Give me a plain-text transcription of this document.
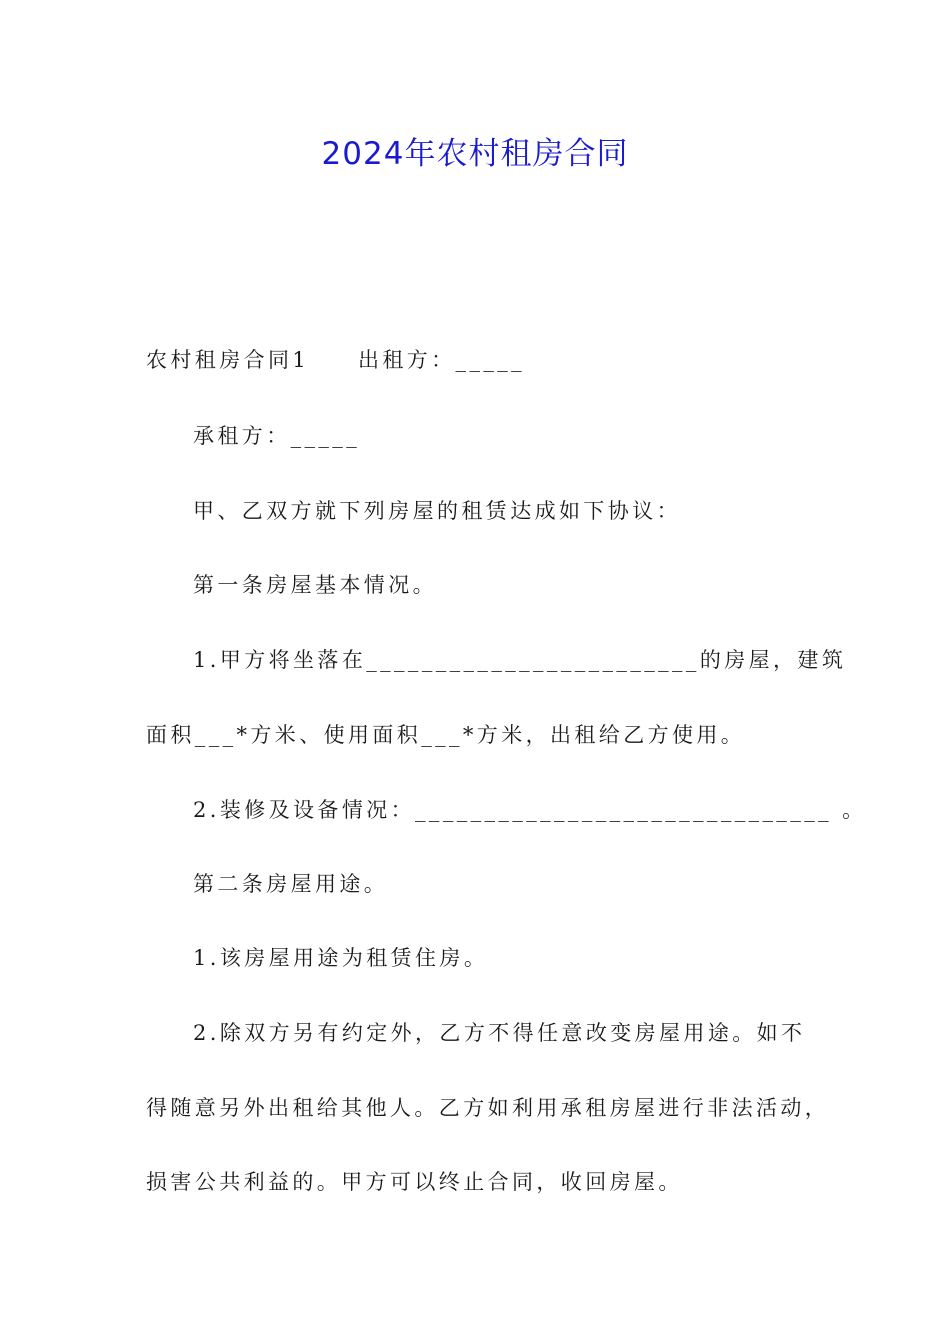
2024年农村租房合同
农村租房合同1　　出租方：_____
承租方：_____
甲、乙双方就下列房屋的租赁达成如下协议：
第一条房屋基本情况。
1.甲方将坐落在________________________的房屋，建筑
面积___*方米、使用面积___*方米，出租给乙方使用。
2.装修及设备情况：______________________________ 。
第二条房屋用途。
1.该房屋用途为租赁住房。
2.除双方另有约定外，乙方不得任意改变房屋用途。如不
得随意另外出租给其他人。乙方如利用承租房屋进行非法活动，
损害公共利益的。甲方可以终止合同，收回房屋。
